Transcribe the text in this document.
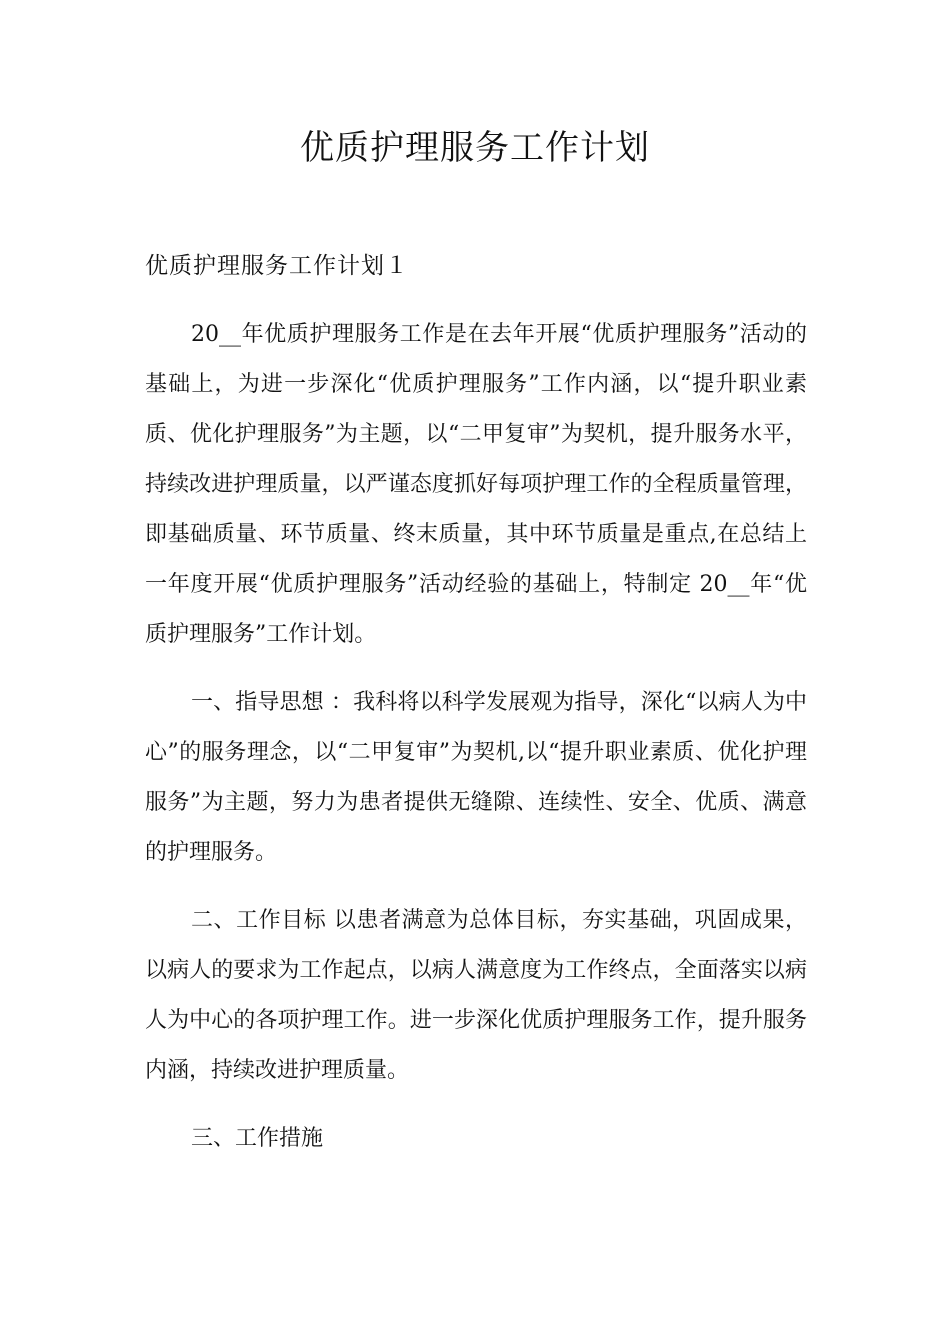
优质护理服务工作计划
优质护理服务工作计划１

20__年优质护理服务工作是在去年开展“优质护理服务”活动的基础上，为进一步深化“优质护理服务”工作内涵，以“提升职业素质、优化护理服务”为主题，以“二甲复审”为契机，提升服务水平，持续改进护理质量，以严谨态度抓好每项护理工作的全程质量管理，即基础质量、环节质量、终末质量，其中环节质量是重点,在总结上一年度开展“优质护理服务”活动经验的基础上，特制定 20__年“优质护理服务”工作计划。

一、指导思想 ：我科将以科学发展观为指导，深化“以病人为中心”的服务理念，以“二甲复审”为契机,以“提升职业素质、优化护理服务”为主题，努力为患者提供无缝隙、连续性、安全、优质、满意的护理服务。

二、工作目标 以患者满意为总体目标，夯实基础，巩固成果，以病人的要求为工作起点，以病人满意度为工作终点，全面落实以病人为中心的各项护理工作。进一步深化优质护理服务工作，提升服务内涵，持续改进护理质量。

三、工作措施
